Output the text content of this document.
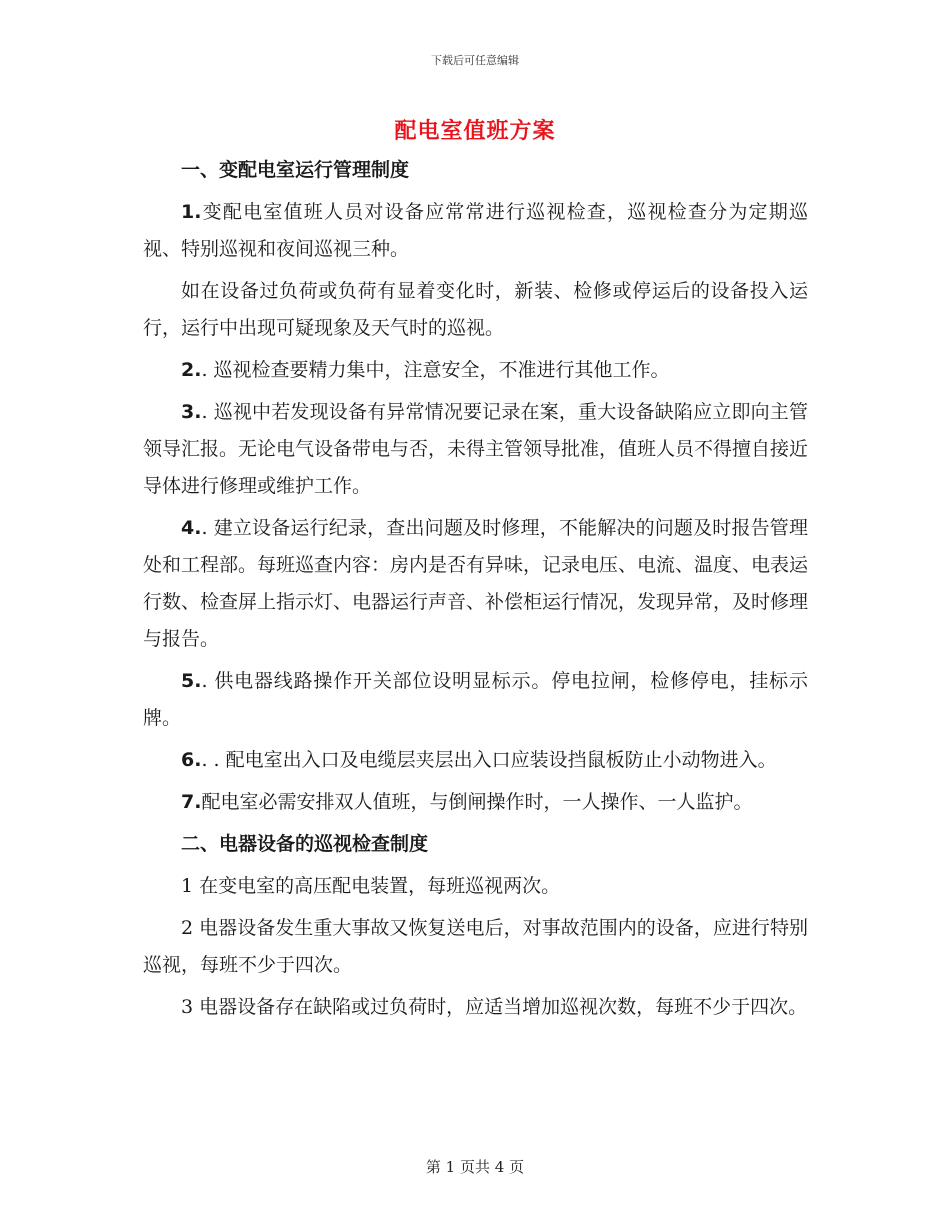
下载后可任意编辑
配电室值班方案

一、变配电室运行管理制度

1.变配电室值班人员对设备应常常进行巡视检查，巡视检查分为定期巡视、特别巡视和夜间巡视三种。

如在设备过负荷或负荷有显着变化时，新装、检修或停运后的设备投入运行，运行中出现可疑现象及天气时的巡视。

2.. 巡视检查要精力集中，注意安全，不准进行其他工作。

3.. 巡视中若发现设备有异常情况要记录在案，重大设备缺陷应立即向主管领导汇报。无论电气设备带电与否，未得主管领导批准，值班人员不得擅自接近导体进行修理或维护工作。

4.. 建立设备运行纪录，查出问题及时修理，不能解决的问题及时报告管理处和工程部。每班巡查内容：房内是否有异味，记录电压、电流、温度、电表运行数、检查屏上指示灯、电器运行声音、补偿柜运行情况，发现异常，及时修理与报告。

5.. 供电器线路操作开关部位设明显标示。停电拉闸，检修停电，挂标示牌。

6.. . 配电室出入口及电缆层夹层出入口应装设挡鼠板防止小动物进入。

7.配电室必需安排双人值班，与倒闸操作时，一人操作、一人监护。

二、电器设备的巡视检查制度

1 在变电室的高压配电装置，每班巡视两次。

2 电器设备发生重大事故又恢复送电后，对事故范围内的设备，应进行特别巡视，每班不少于四次。

3 电器设备存在缺陷或过负荷时，应适当增加巡视次数，每班不少于四次。

第 1 页共 4 页
